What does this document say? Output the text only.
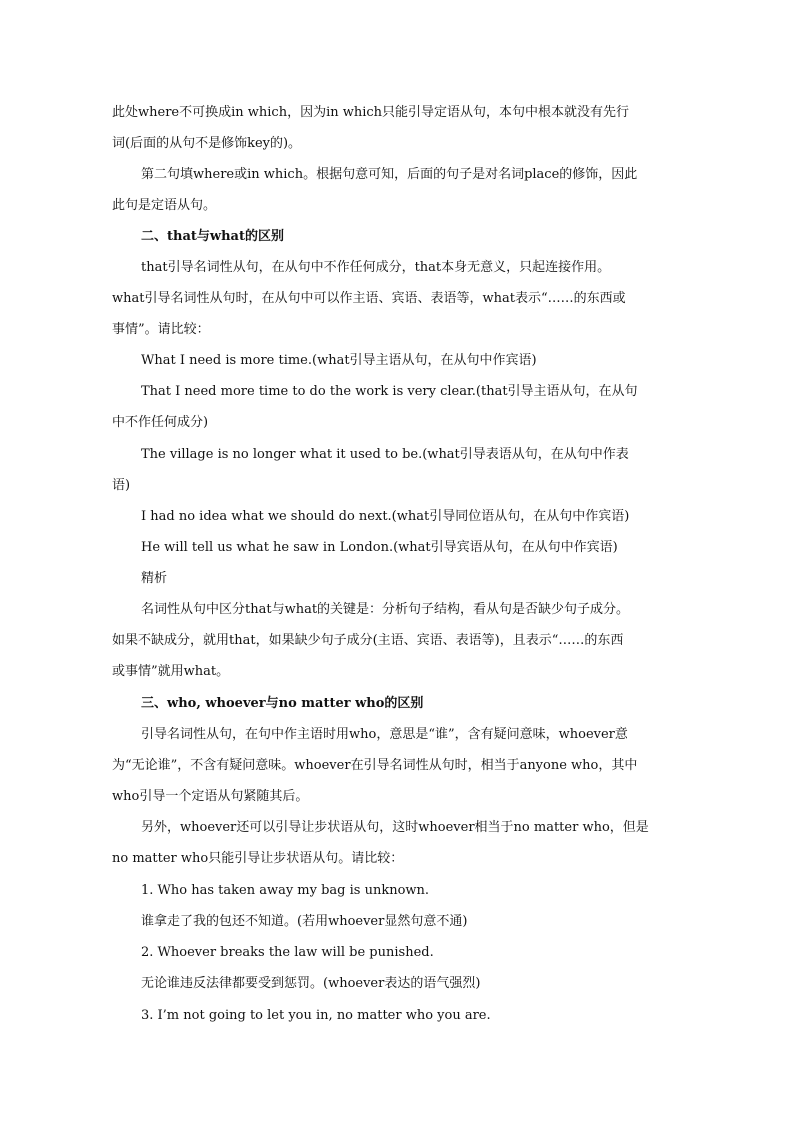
此处where不可换成in which，因为in which只能引导定语从句，本句中根本就没有先行

词(后面的从句不是修饰key的)。

第二句填where或in which。根据句意可知，后面的句子是对名词place的修饰，因此

此句是定语从句。

二、that与what的区别

that引导名词性从句，在从句中不作任何成分，that本身无意义，只起连接作用。

what引导名词性从句时，在从句中可以作主语、宾语、表语等，what表示“……的东西或

事情”。请比较：

What I need is more time.(what引导主语从句，在从句中作宾语)

That I need more time to do the work is very clear.(that引导主语从句，在从句

中不作任何成分)

The village is no longer what it used to be.(what引导表语从句，在从句中作表

语)

I had no idea what we should do next.(what引导同位语从句，在从句中作宾语)

He will tell us what he saw in London.(what引导宾语从句，在从句中作宾语)

精析

名词性从句中区分that与what的关键是：分析句子结构，看从句是否缺少句子成分。

如果不缺成分，就用that，如果缺少句子成分(主语、宾语、表语等)，且表示“……的东西

或事情”就用what。

三、who, whoever与no matter who的区别

引导名词性从句，在句中作主语时用who，意思是“谁”，含有疑问意味，whoever意

为“无论谁”，不含有疑问意味。whoever在引导名词性从句时，相当于anyone who，其中

who引导一个定语从句紧随其后。

另外，whoever还可以引导让步状语从句，这时whoever相当于no matter who，但是

no matter who只能引导让步状语从句。请比较：

1. Who has taken away my bag is unknown.

谁拿走了我的包还不知道。(若用whoever显然句意不通)

2. Whoever breaks the law will be punished.

无论谁违反法律都要受到惩罚。(whoever表达的语气强烈)

3. I’m not going to let you in, no matter who you are.
